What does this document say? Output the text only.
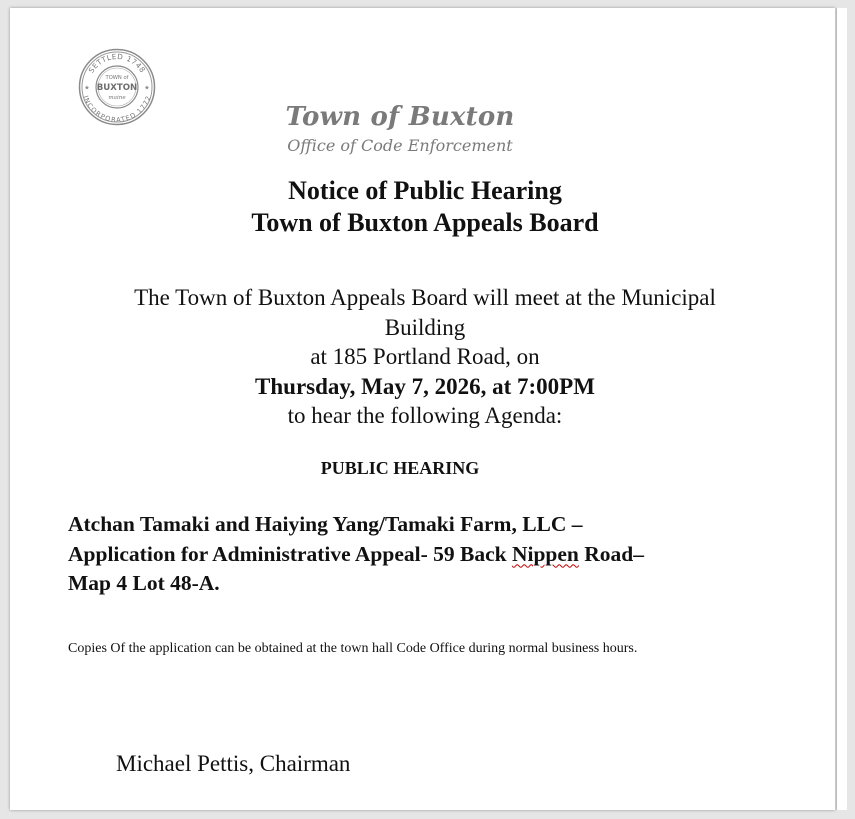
SETTLED 1748
INCORPORATED 1772
★	★
TOWN of
BUXTON
maine
Town of Buxton
Office of Code Enforcement
Notice of Public Hearing
Town of Buxton Appeals Board
The Town of Buxton Appeals Board will meet at the Municipal
Building
at 185 Portland Road, on
Thursday, May 7, 2026, at 7:00PM
to hear the following Agenda:
PUBLIC HEARING
Atchan Tamaki and Haiying Yang/Tamaki Farm, LLC –
Application for Administrative Appeal- 59 Back Nippen Road–
Map 4 Lot 48-A.
Copies Of the application can be obtained at the town hall Code Office during normal business hours.
Michael Pettis, Chairman
